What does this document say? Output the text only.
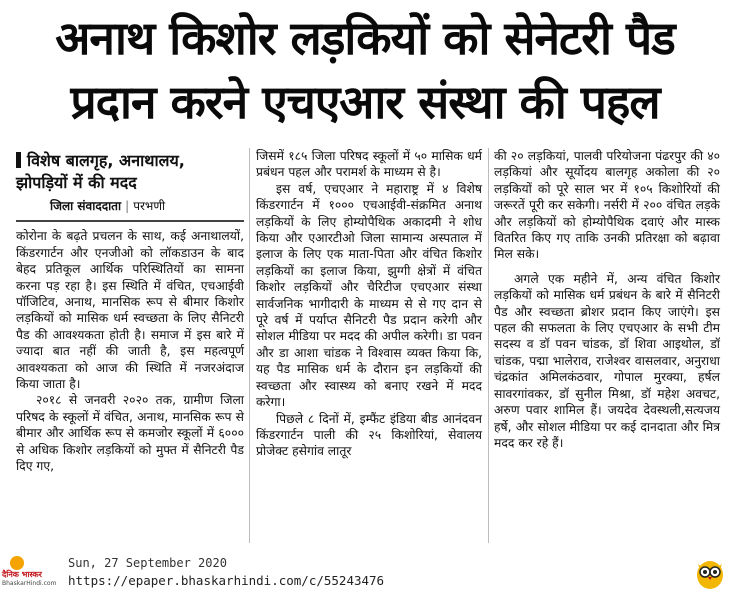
अनाथ किशोर लड़कियों को सेनेटरी पैड
प्रदान करने एचएआर संस्था की पहल
विशेष बालगृह, अनाथालय,
झोपड़ियों में की मदद
जिला संवाददाता | परभणी

कोरोना के बढ़ते प्रचलन के साथ, कई अनाथालयों, किंडरगार्टन और एनजीओ को लॉकडाउन के बाद बेहद प्रतिकूल आर्थिक परिस्थितियों का सामना करना पड़ रहा है। इस स्थिति में वंचित, एचआईवी पॉजिटिव, अनाथ, मानसिक रूप से बीमार किशोर लड़कियों को मासिक धर्म स्वच्छता के लिए सैनिटरी पैड की आवश्यकता होती है। समाज में इस बारे में ज्यादा बात नहीं की जाती है, इस महत्वपूर्ण आवश्यकता को आज की स्थिति में नजरअंदाज किया जाता है।

२०१८ से जनवरी २०२० तक, ग्रामीण जिला परिषद के स्कूलों में वंचित, अनाथ, मानसिक रूप से बीमार और आर्थिक रूप से कमजोर स्कूलों में ६००० से अधिक किशोर लड़कियों को मुफ्त में सैनिटरी पैड दिए गए,

जिसमें १८५ जिला परिषद स्कूलों में ५० मासिक धर्म प्रबंधन पहल और परामर्श के माध्यम से है।

इस वर्ष, एचएआर ने महाराष्ट्र में ४ विशेष किंडरगार्टन में १००० एचआईवी-संक्रमित अनाथ लड़कियों के लिए होम्योपैथिक अकादमी ने शोध किया और एआरटीओ जिला सामान्य अस्पताल में इलाज के लिए एक माता-पिता और वंचित किशोर लड़कियों का इलाज किया, झुग्गी क्षेत्रों में वंचित किशोर लड़कियों और चैरिटीज एचएआर संस्था सार्वजनिक भागीदारी के माध्यम से से गए दान से पूरे वर्ष में पर्याप्त सैनिटरी पैड प्रदान करेगी और सोशल मीडिया पर मदद की अपील करेगी। डा पवन और डा आशा चांडक ने विश्वास व्यक्त किया कि, यह पैड मासिक धर्म के दौरान इन लड़कियों की स्वच्छता और स्वास्थ्य को बनाए रखने में मदद करेगा।

पिछले ८ दिनों में, इम्फैंट इंडिया बीड आनंदवन किंडरगार्टन पाली की २५ किशोरियां, सेवालय प्रोजेक्ट हसेगांव लातूर

की २० लड़कियां, पालवी परियोजना पंढरपुर की ४० लड़कियां और सूर्योदय बालगृह अकोला की २० लड़कियों को पूरे साल भर में १०५ किशोरियों की जरूरतें पूरी कर सकेगी। नर्सरी में २०० वंचित लड़के और लड़कियों को होम्योपैथिक दवाएं और मास्क वितरित किए गए ताकि उनकी प्रतिरक्षा को बढ़ावा मिल सके।

अगले एक महीने में, अन्य वंचित किशोर लड़कियों को मासिक धर्म प्रबंधन के बारे में सैनिटरी पैड और स्वच्छता ब्रोशर प्रदान किए जाएंगे। इस पहल की सफलता के लिए एचएआर के सभी टीम सदस्य व डॉ पवन चांडक, डॉ शिवा आइथोल, डॉ चांडक, पद्मा भालेराव, राजेश्वर वासलवार, अनुराधा चंद्रकांत अमिलकंठवार, गोपाल मुरक्या, हर्षल सावरगांवकर, डॉ सुनील मिश्रा, डॉ महेश अवचट, अरुण पवार शामिल हैं। जयदेव देवस्थली,सत्यजय हर्षे, और सोशल मीडिया पर कई दानदाता और मित्र मदद कर रहे हैं।

दैनिक भास्कर
BhaskarHindi.com
Sun, 27 September 2020
https://epaper.bhaskarhindi.com/c/55243476
